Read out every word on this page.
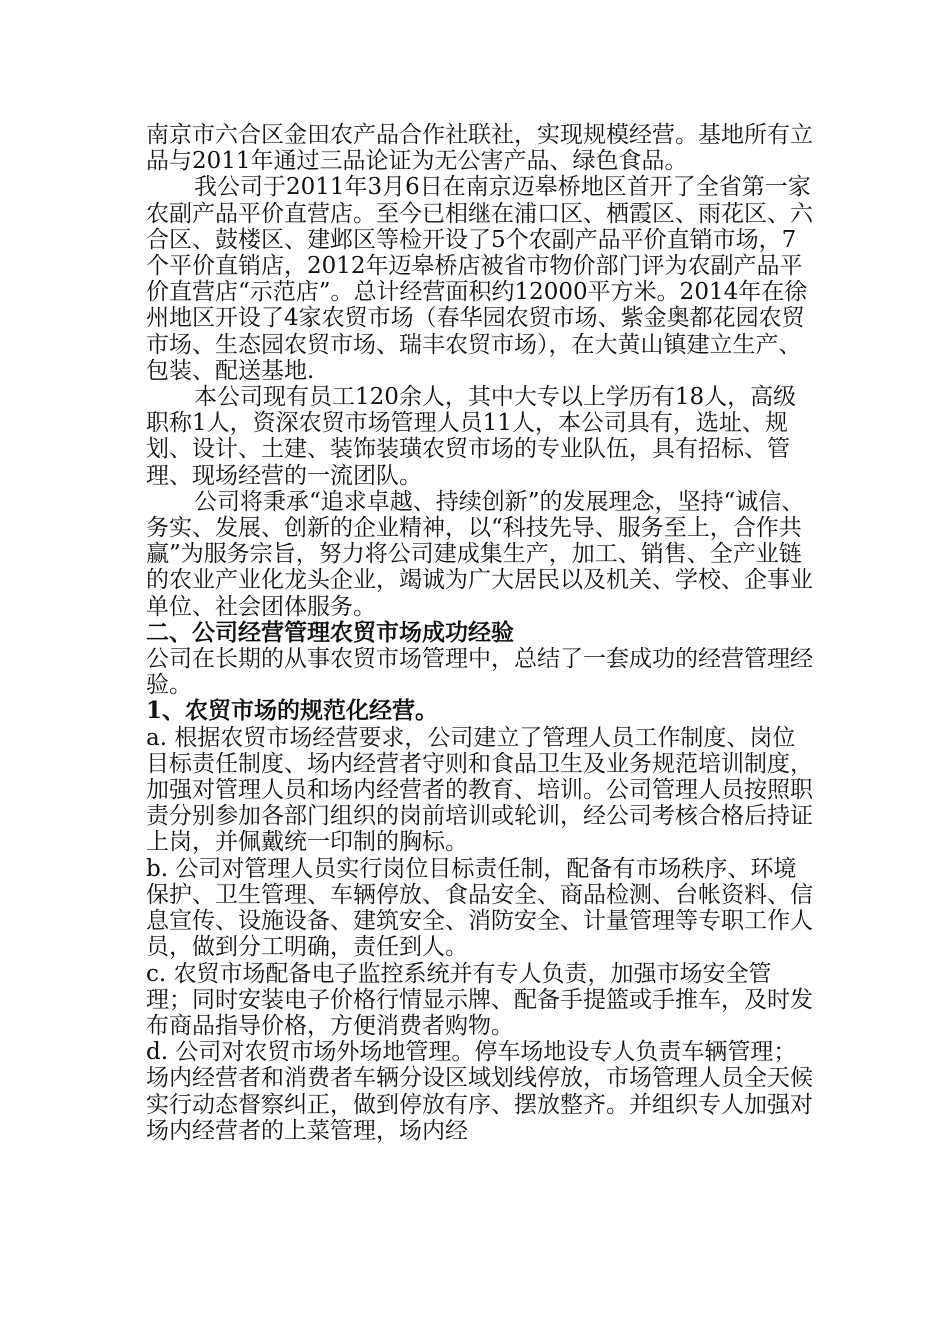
南京市六合区金田农产品合作社联社，实现规模经营。基地所有立品与2011年通过三品论证为无公害产品、绿色食品。

我公司于2011年3月6日在南京迈皋桥地区首开了全省第一家农副产品平价直营店。至今已相继在浦口区、栖霞区、雨花区、六合区、鼓楼区、建邺区等检开设了5个农副产品平价直销市场，7个平价直销店，2012年迈皋桥店被省市物价部门评为农副产品平价直营店“示范店”。总计经营面积约12000平方米。2014年在徐州地区开设了4家农贸市场（春华园农贸市场、紫金奥都花园农贸市场、生态园农贸市场、瑞丰农贸市场），在大黄山镇建立生产、包装、配送基地.

本公司现有员工120余人，其中大专以上学历有18人，高级职称1人，资深农贸市场管理人员11人，本公司具有，选址、规划、设计、土建、装饰装璜农贸市场的专业队伍，具有招标、管理、现场经营的一流团队。

公司将秉承“追求卓越、持续创新”的发展理念，坚持“诚信、务实、发展、创新的企业精神，以“科技先导、服务至上，合作共赢”为服务宗旨，努力将公司建成集生产，加工、销售、全产业链的农业产业化龙头企业，竭诚为广大居民以及机关、学校、企事业单位、社会团体服务。

二、公司经营管理农贸市场成功经验

公司在长期的从事农贸市场管理中，总结了一套成功的经营管理经验。

1、农贸市场的规范化经营。

a. 根据农贸市场经营要求，公司建立了管理人员工作制度、岗位目标责任制度、场内经营者守则和食品卫生及业务规范培训制度，加强对管理人员和场内经营者的教育、培训。公司管理人员按照职责分别参加各部门组织的岗前培训或轮训，经公司考核合格后持证上岗，并佩戴统一印制的胸标。

b. 公司对管理人员实行岗位目标责任制，配备有市场秩序、环境保护、卫生管理、车辆停放、食品安全、商品检测、台帐资料、信息宣传、设施设备、建筑安全、消防安全、计量管理等专职工作人员，做到分工明确，责任到人。

c. 农贸市场配备电子监控系统并有专人负责，加强市场安全管理；同时安装电子价格行情显示牌、配备手提篮或手推车，及时发布商品指导价格，方便消费者购物。

d. 公司对农贸市场外场地管理。停车场地设专人负责车辆管理；场内经营者和消费者车辆分设区域划线停放，市场管理人员全天候实行动态督察纠正，做到停放有序、摆放整齐。并组织专人加强对场内经营者的上菜管理，场内经
